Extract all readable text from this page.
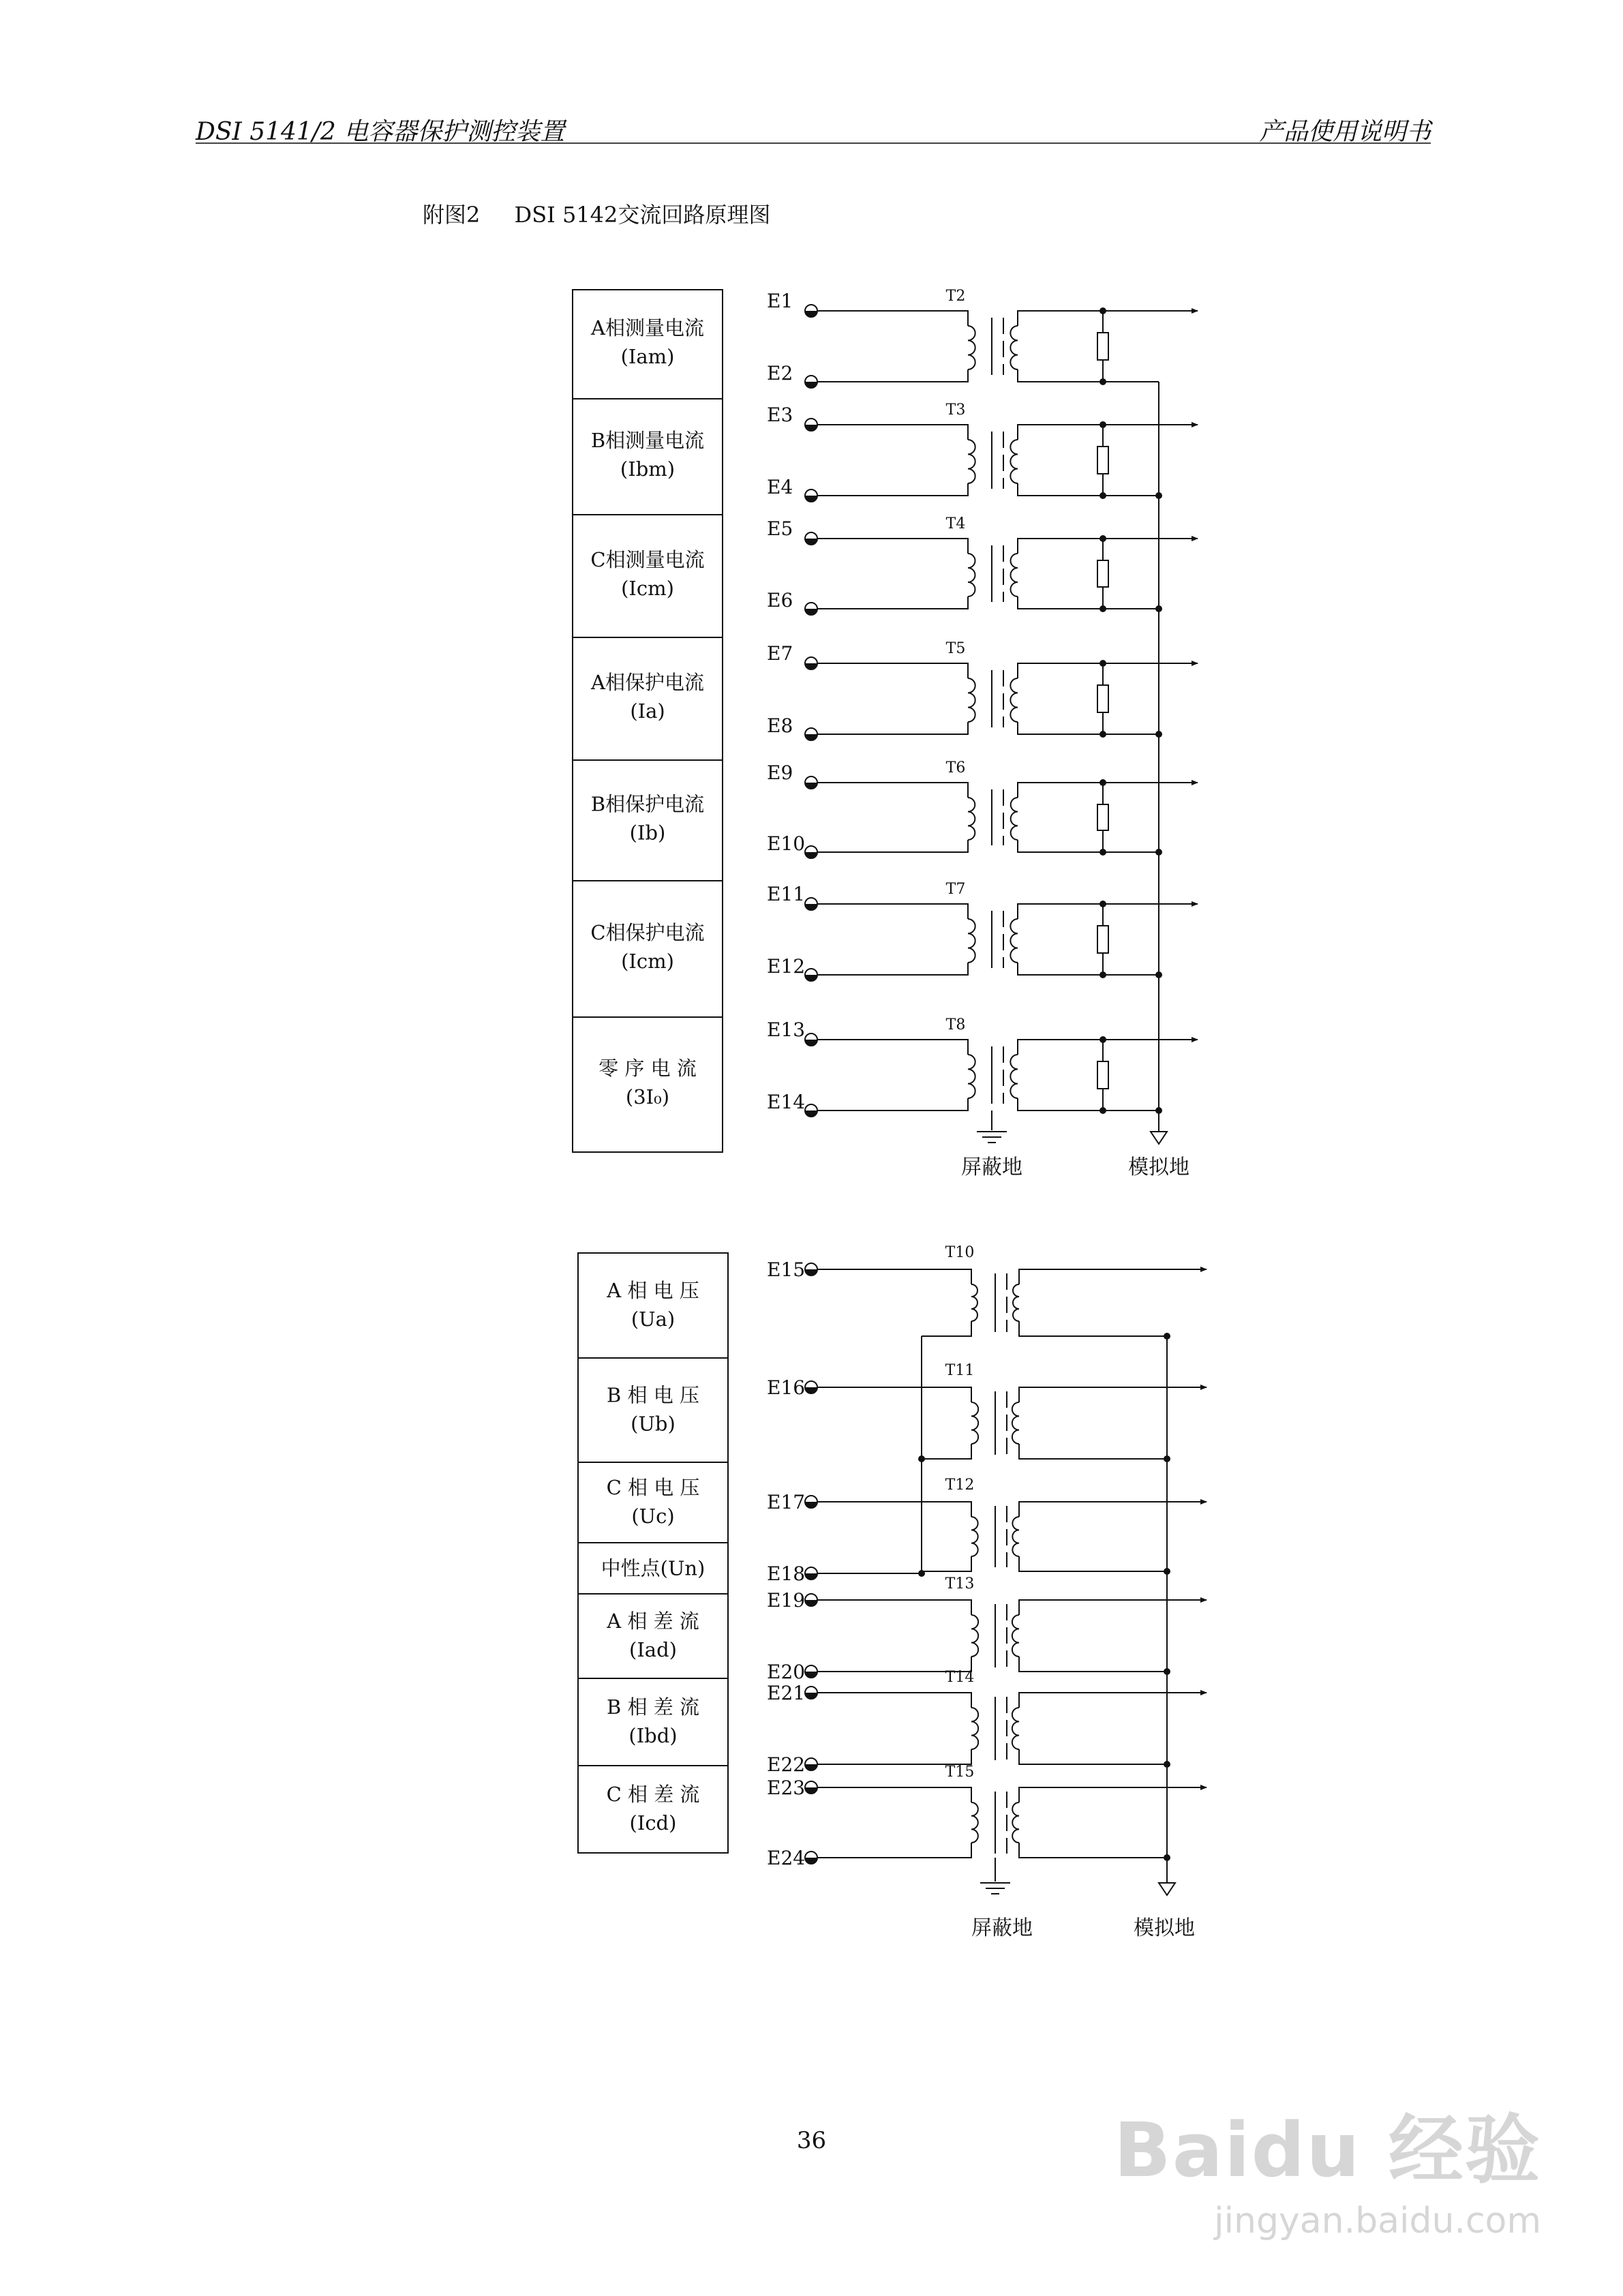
DSI 5141/2 电容器保护测控装置	产品使用说明书
附图2 DSI 5142交流回路原理图
A相测量电流
(Iam)
E1
E2
T2
B相测量电流
(Ibm)
E3
E4
T3
C相测量电流
(Icm)
E5
E6
T4
A相保护电流
(Ia)
E7
E8
T5
B相保护电流
(Ib)
E9
E10
T6
C相保护电流
(Icm)
E11
E12
T7
零 序 电 流
(3I₀)
E13
E14
T8
屏蔽地	模拟地
A 相 电 压
(Ua)
B 相 电 压
(Ub)
C 相 电 压
(Uc)
中性点(Un)
A 相 差 流
(Iad)
B 相 差 流
(Ibd)
C 相 差 流
(Icd)
E15
E16
E17
E18
E19
E20
E21
E22
E23
E24
T10
T11
T12
T13
T14
T15
屏蔽地	模拟地
36	Baidu 经验
jingyan.baidu.com
